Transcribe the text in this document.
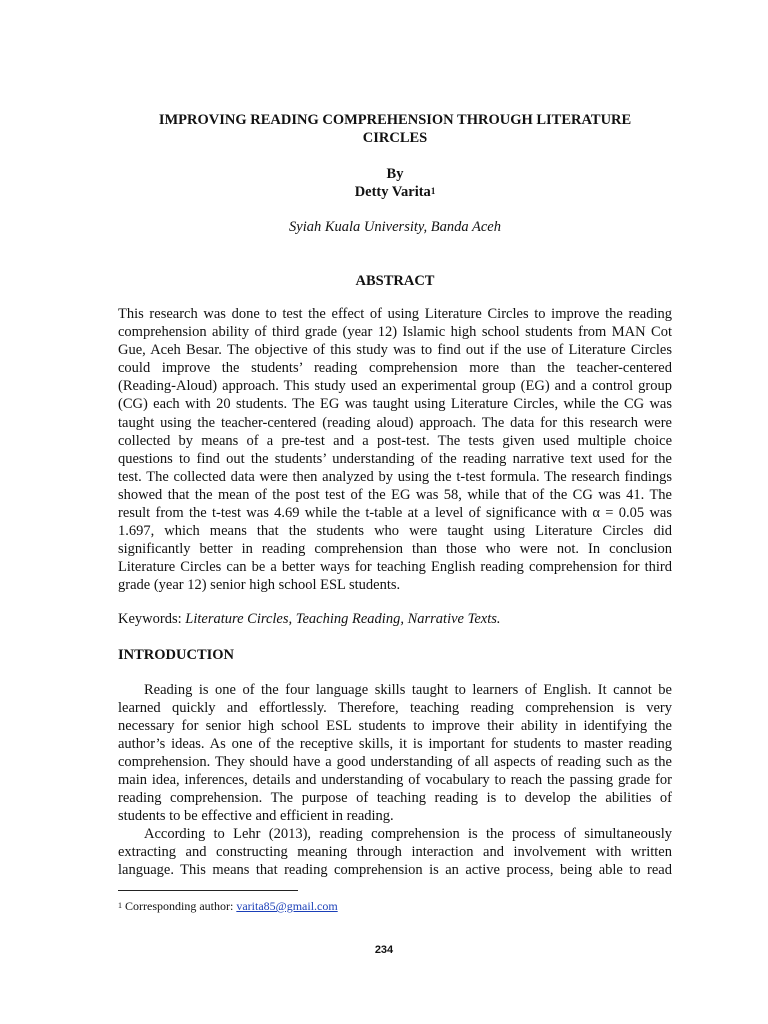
IMPROVING READING COMPREHENSION THROUGH LITERATURE
CIRCLES
By
Detty Varita$^1$
Syiah Kuala University, Banda Aceh
ABSTRACT
This research was done to test the effect of using Literature Circles to improve the reading
comprehension ability of third grade (year 12) Islamic high school students from MAN Cot
Gue, Aceh Besar. The objective of this study was to find out if the use of Literature Circles
could improve the students’ reading comprehension more than the teacher-centered
(Reading-Aloud) approach. This study used an experimental group (EG) and a control group
(CG) each with 20 students. The EG was taught using Literature Circles, while the CG was
taught using the teacher-centered (reading aloud) approach. The data for this research were
collected by means of a pre-test and a post-test. The tests given used multiple choice
questions to find out the students’ understanding of the reading narrative text used for the
test. The collected data were then analyzed by using the t-test formula. The research findings
showed that the mean of the post test of the EG was 58, while that of the CG was 41. The
result from the t-test was 4.69 while the t-table at a level of significance with α = 0.05 was
1.697, which means that the students who were taught using Literature Circles did
significantly better in reading comprehension than those who were not. In conclusion
Literature Circles can be a better ways for teaching English reading comprehension for third
grade (year 12) senior high school ESL students.
Keywords: Literature Circles, Teaching Reading, Narrative Texts.
INTRODUCTION
Reading is one of the four language skills taught to learners of English. It cannot be
learned quickly and effortlessly. Therefore, teaching reading comprehension is very
necessary for senior high school ESL students to improve their ability in identifying the
author’s ideas. As one of the receptive skills, it is important for students to master reading
comprehension. They should have a good understanding of all aspects of reading such as the
main idea, inferences, details and understanding of vocabulary to reach the passing grade for
reading comprehension. The purpose of teaching reading is to develop the abilities of
students to be effective and efficient in reading.
According to Lehr (2013), reading comprehension is the process of simultaneously
extracting and constructing meaning through interaction and involvement with written
language. This means that reading comprehension is an active process, being able to read
$^1$ Corresponding author: varita85@gmail.com
234
